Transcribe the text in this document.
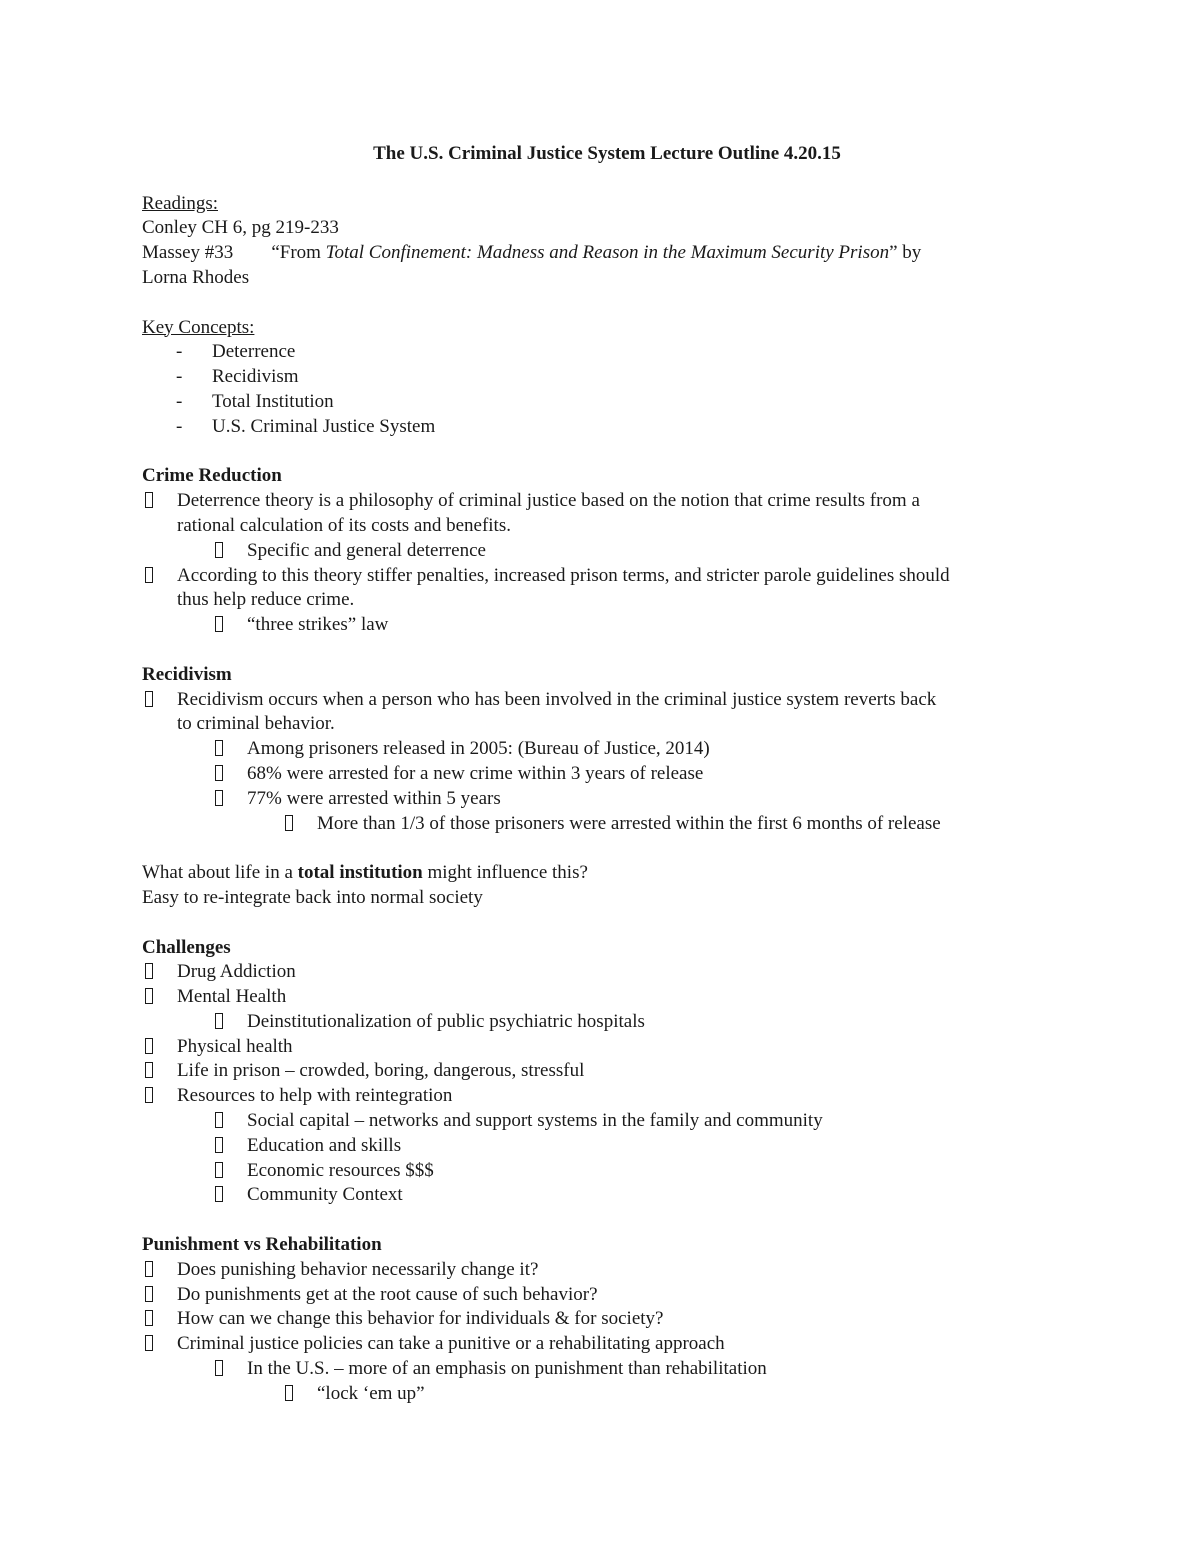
The U.S. Criminal Justice System Lecture Outline 4.20.15
Readings:
Conley CH 6, pg 219-233
Massey #33 “From Total Confinement: Madness and Reason in the Maximum Security Prison” by
Lorna Rhodes
Key Concepts:
-	Deterrence
-	Recidivism
-	Total Institution
-	U.S. Criminal Justice System
Crime Reduction
Deterrence theory is a philosophy of criminal justice based on the notion that crime results from a
rational calculation of its costs and benefits.
Specific and general deterrence
According to this theory stiffer penalties, increased prison terms, and stricter parole guidelines should
thus help reduce crime.
“three strikes” law
Recidivism
Recidivism occurs when a person who has been involved in the criminal justice system reverts back
to criminal behavior.
Among prisoners released in 2005: (Bureau of Justice, 2014)
68% were arrested for a new crime within 3 years of release
77% were arrested within 5 years
More than 1/3 of those prisoners were arrested within the first 6 months of release
What about life in a total institution might influence this?
Easy to re-integrate back into normal society
Challenges
Drug Addiction
Mental Health
Deinstitutionalization of public psychiatric hospitals
Physical health
Life in prison – crowded, boring, dangerous, stressful
Resources to help with reintegration
Social capital – networks and support systems in the family and community
Education and skills
Economic resources $$$
Community Context
Punishment vs Rehabilitation
Does punishing behavior necessarily change it?
Do punishments get at the root cause of such behavior?
How can we change this behavior for individuals & for society?
Criminal justice policies can take a punitive or a rehabilitating approach
In the U.S. – more of an emphasis on punishment than rehabilitation
“lock ‘em up”
